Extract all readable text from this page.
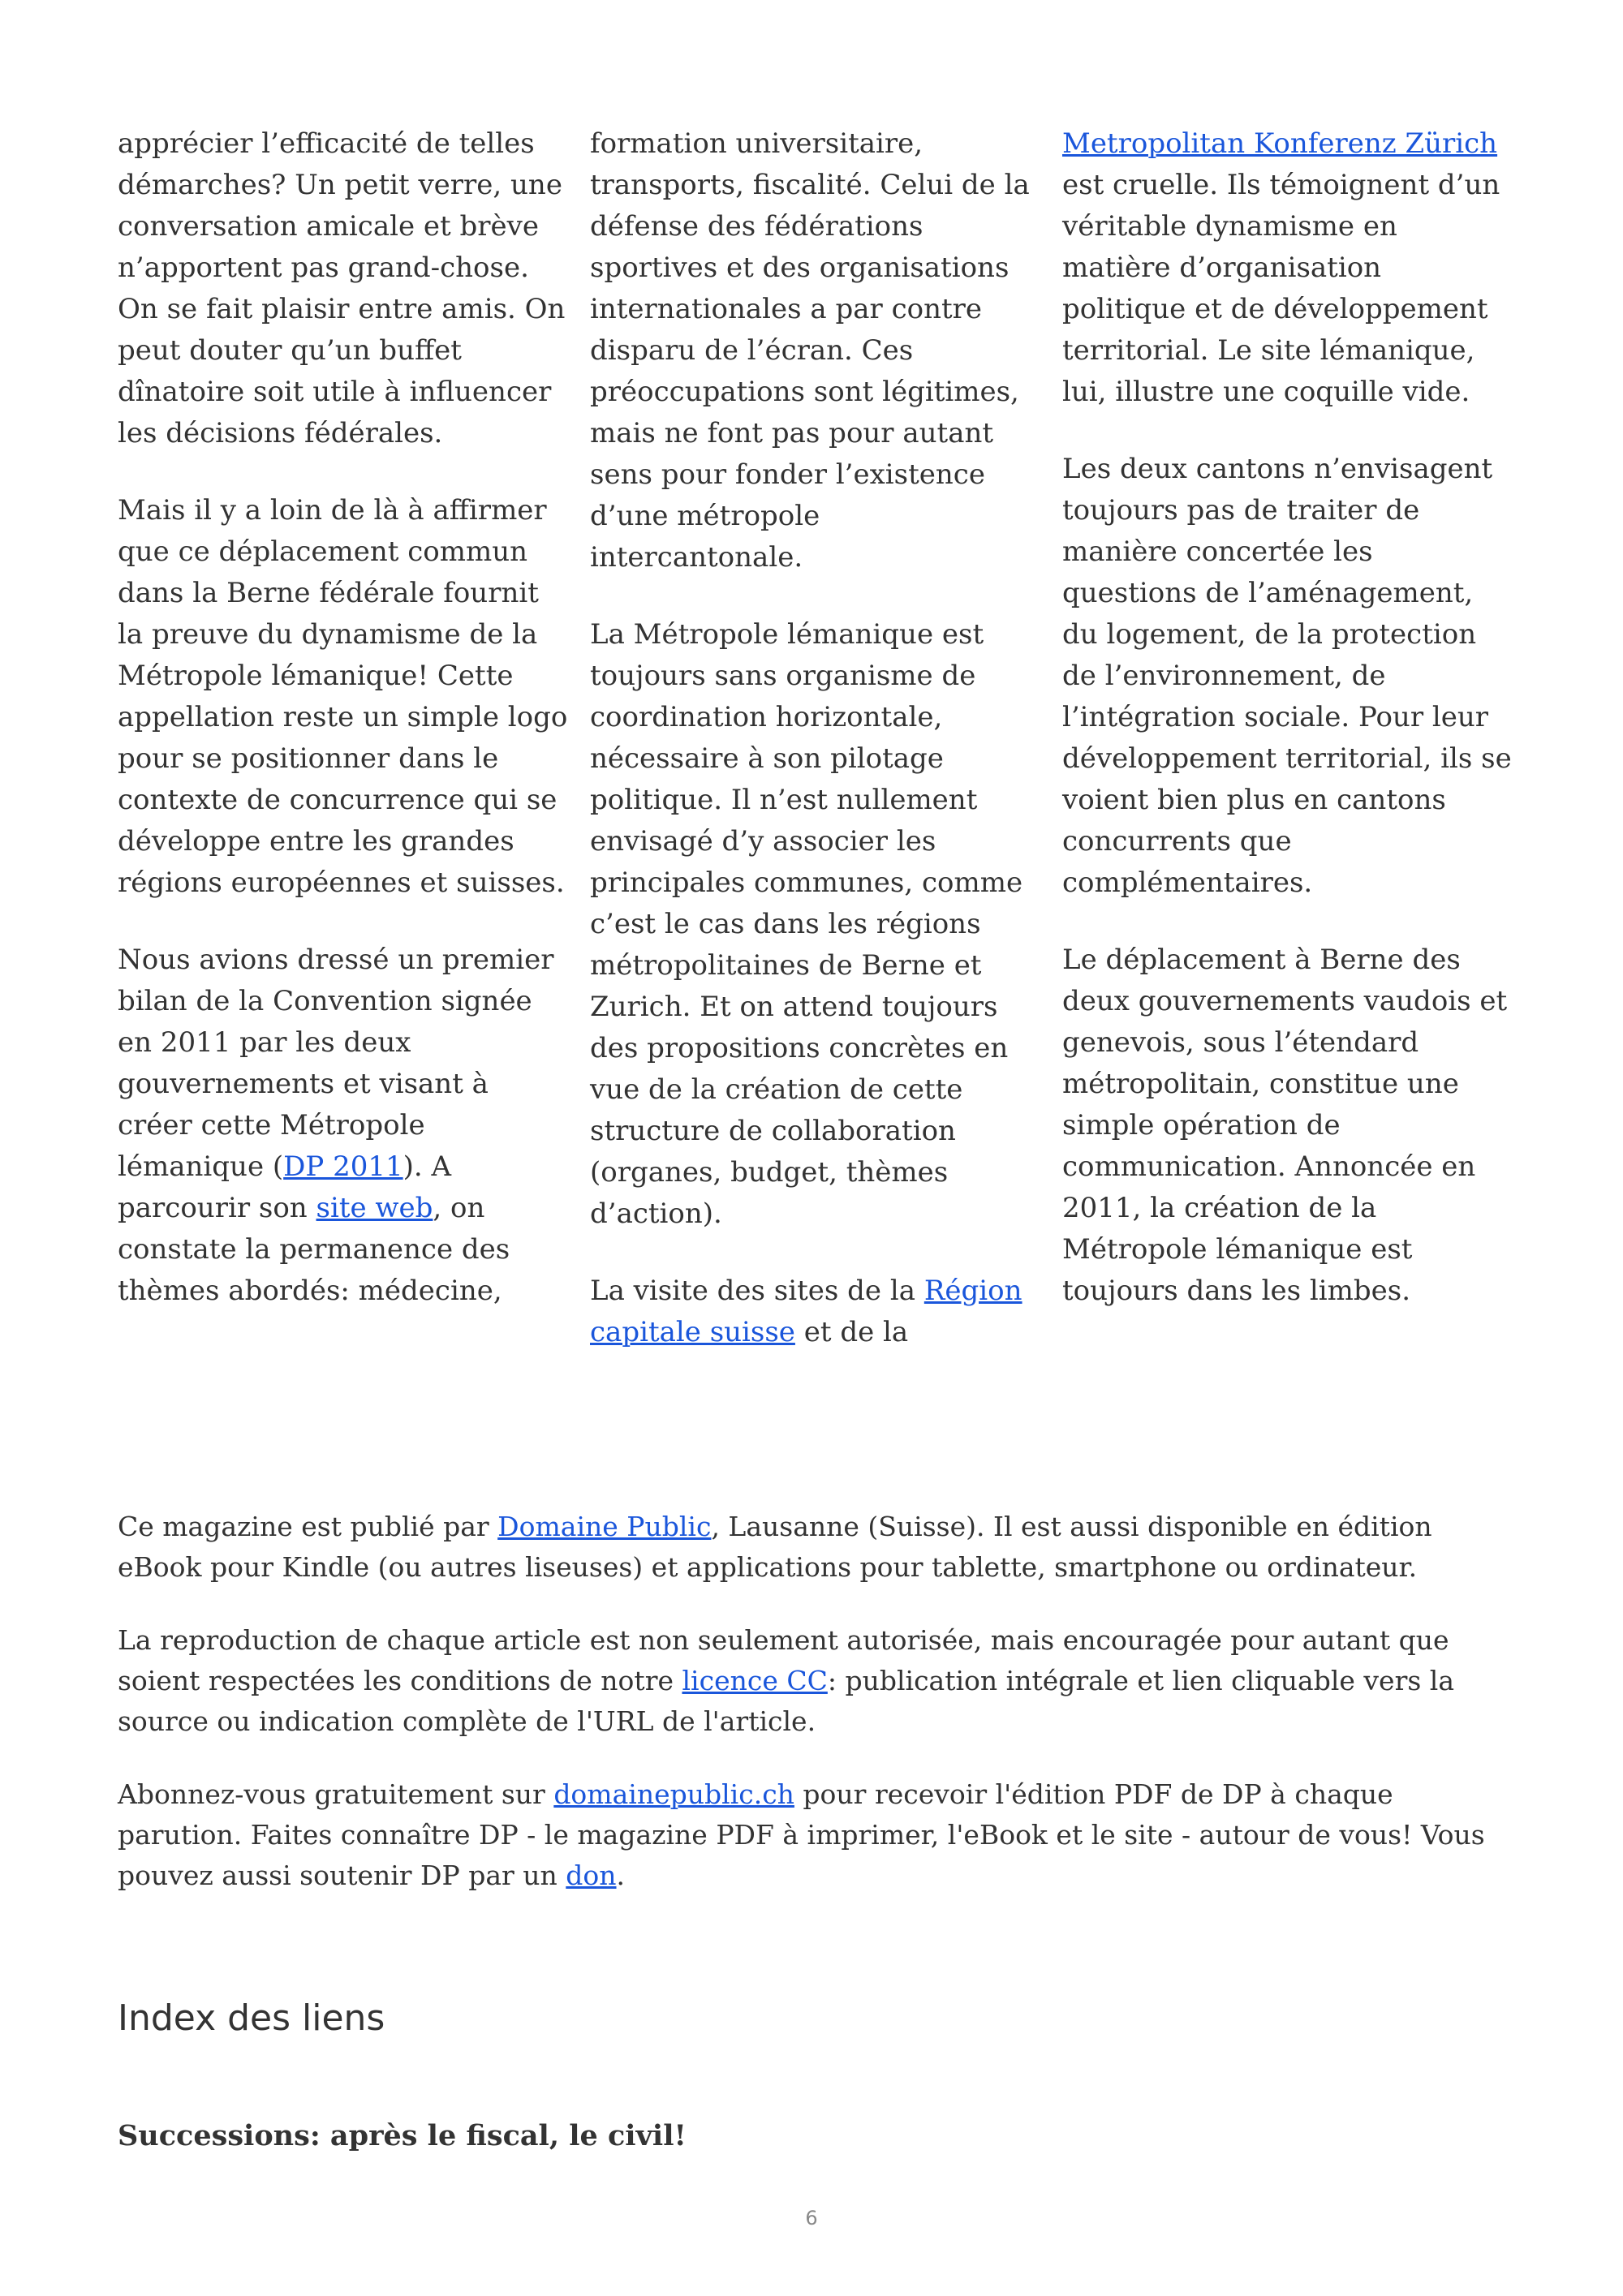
apprécier l’efficacité de telles démarches? Un petit verre, une conversation amicale et brève n’apportent pas grand-chose. On se fait plaisir entre amis. On peut douter qu’un buffet dînatoire soit utile à influencer les décisions fédérales.

Mais il y a loin de là à affirmer que ce déplacement commun dans la Berne fédérale fournit la preuve du dynamisme de la Métropole lémanique! Cette appellation reste un simple logo pour se positionner dans le contexte de concurrence qui se développe entre les grandes régions européennes et suisses.

Nous avions dressé un premier bilan de la Convention signée en 2011 par les deux gouvernements et visant à créer cette Métropole lémanique (DP 2011). A parcourir son site web, on constate la permanence des thèmes abordés: médecine,

formation universitaire, transports, fiscalité. Celui de la défense des fédérations sportives et des organisations internationales a par contre disparu de l’écran. Ces préoccupations sont légitimes, mais ne font pas pour autant sens pour fonder l’existence d’une métropole intercantonale.

La Métropole lémanique est toujours sans organisme de coordination horizontale, nécessaire à son pilotage politique. Il n’est nullement envisagé d’y associer les principales communes, comme c’est le cas dans les régions métropolitaines de Berne et Zurich. Et on attend toujours des propositions concrètes en vue de la création de cette structure de collaboration (organes, budget, thèmes d’action).

La visite des sites de la Région capitale suisse et de la

Metropolitan Konferenz Zürich est cruelle. Ils témoignent d’un véritable dynamisme en matière d’organisation politique et de développement territorial. Le site lémanique, lui, illustre une coquille vide.

Les deux cantons n’envisagent toujours pas de traiter de manière concertée les questions de l’aménagement, du logement, de la protection de l’environnement, de l’intégration sociale. Pour leur développement territorial, ils se voient bien plus en cantons concurrents que complémentaires.

Le déplacement à Berne des deux gouvernements vaudois et genevois, sous l’étendard métropolitain, constitue une simple opération de communication. Annoncée en 2011, la création de la Métropole lémanique est toujours dans les limbes.

Ce magazine est publié par Domaine Public, Lausanne (Suisse). Il est aussi disponible en édition eBook pour Kindle (ou autres liseuses) et applications pour tablette, smartphone ou ordinateur.

La reproduction de chaque article est non seulement autorisée, mais encouragée pour autant que soient respectées les conditions de notre licence CC: publication intégrale et lien cliquable vers la source ou indication complète de l'URL de l'article.

Abonnez-vous gratuitement sur domainepublic.ch pour recevoir l'édition PDF de DP à chaque parution. Faites connaître DP - le magazine PDF à imprimer, l'eBook et le site - autour de vous! Vous pouvez aussi soutenir DP par un don.

Index des liens
Successions: après le fiscal, le civil!
6
